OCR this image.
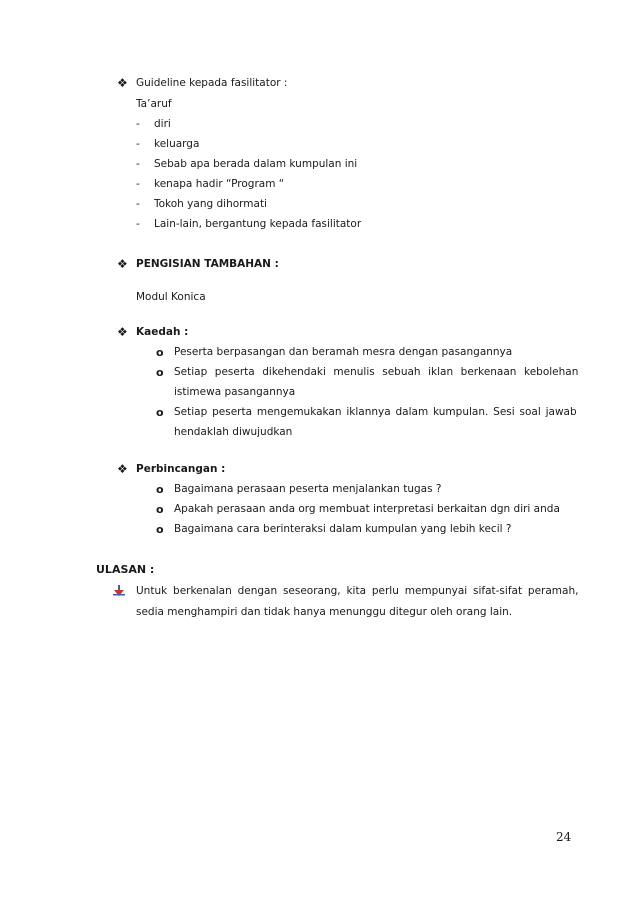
❖ Guideline kepada fasilitator :
Ta’aruf
- diri
- keluarga
- Sebab apa berada dalam kumpulan ini
- kenapa hadir “Program “
- Tokoh yang dihormati
- Lain-lain, bergantung kepada fasilitator
❖ PENGISIAN TAMBAHAN :
Modul Konica
❖ Kaedah :
o Peserta berpasangan dan beramah mesra dengan pasangannya
o Setiap peserta dikehendaki menulis sebuah iklan berkenaan kebolehan
istimewa pasangannya
o Setiap peserta mengemukakan iklannya dalam kumpulan. Sesi soal jawab
hendaklah diwujudkan
❖ Perbincangan :
o Bagaimana perasaan peserta menjalankan tugas ?
o Apakah perasaan anda org membuat interpretasi berkaitan dgn diri anda
o Bagaimana cara berinteraksi dalam kumpulan yang lebih kecil ?
ULASAN :
Untuk berkenalan dengan seseorang, kita perlu mempunyai sifat-sifat peramah,
sedia menghampiri dan tidak hanya menunggu ditegur oleh orang lain.
24
